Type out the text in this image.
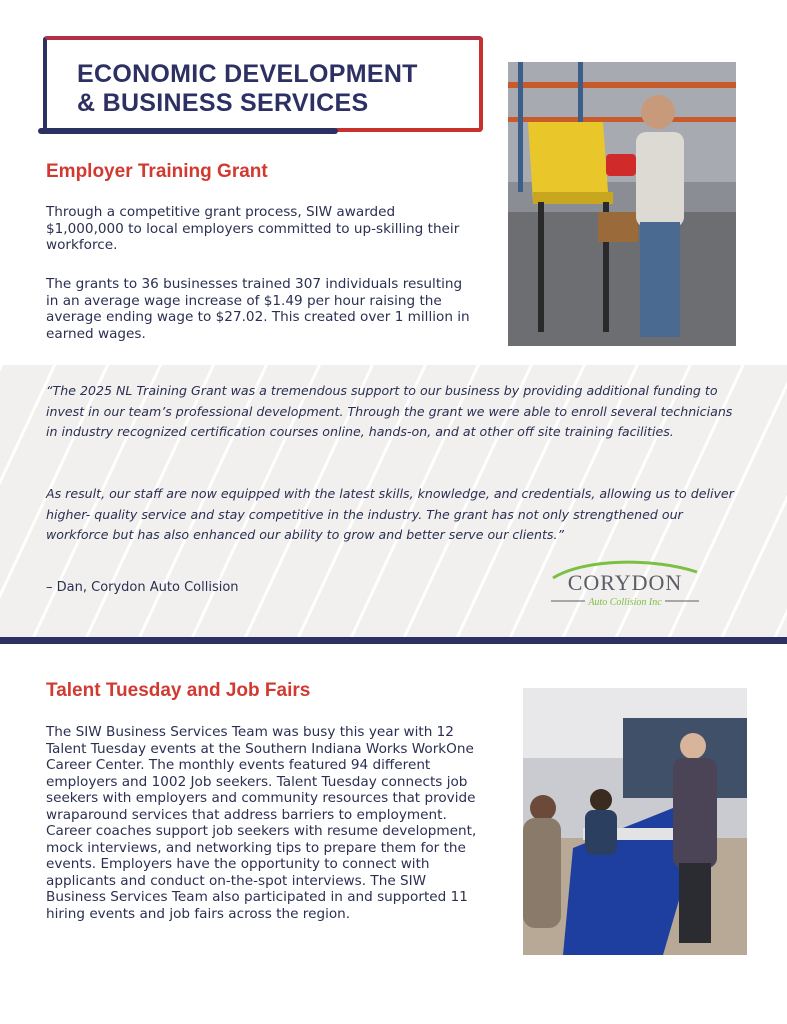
ECONOMIC DEVELOPMENT
& BUSINESS SERVICES
Employer Training Grant

Through a competitive grant process, SIW awarded $1,000,000 to local employers committed to up-skilling their workforce.

The grants to 36 businesses trained 307 individuals resulting in an average wage increase of $1.49 per hour raising the average ending wage to $27.02. This created over 1 million in earned wages.

“The 2025 NL Training Grant was a tremendous support to our business by providing additional funding to invest in our team’s professional development. Through the grant we were able to enroll several technicians in industry recognized certification courses online, hands-on, and at other off site training facilities.

As result, our staff are now equipped with the latest skills, knowledge, and credentials, allowing us to deliver higher- quality service and stay competitive in the industry. The grant has not only strengthened our workforce but has also enhanced our ability to grow and better serve our clients.”

– Dan, Corydon Auto Collision	CORYDON
Auto Collision Inc
Talent Tuesday and Job Fairs

The SIW Business Services Team was busy this year with 12 Talent Tuesday events at the Southern Indiana Works WorkOne Career Center. The monthly events featured 94 different employers and 1002 Job seekers. Talent Tuesday connects job seekers with employers and community resources that provide wraparound services that address barriers to employment. Career coaches support job seekers with resume development, mock interviews, and networking tips to prepare them for the events. Employers have the opportunity to connect with applicants and conduct on-the-spot interviews. The SIW Business Services Team also participated in and supported 11 hiring events and job fairs across the region.
